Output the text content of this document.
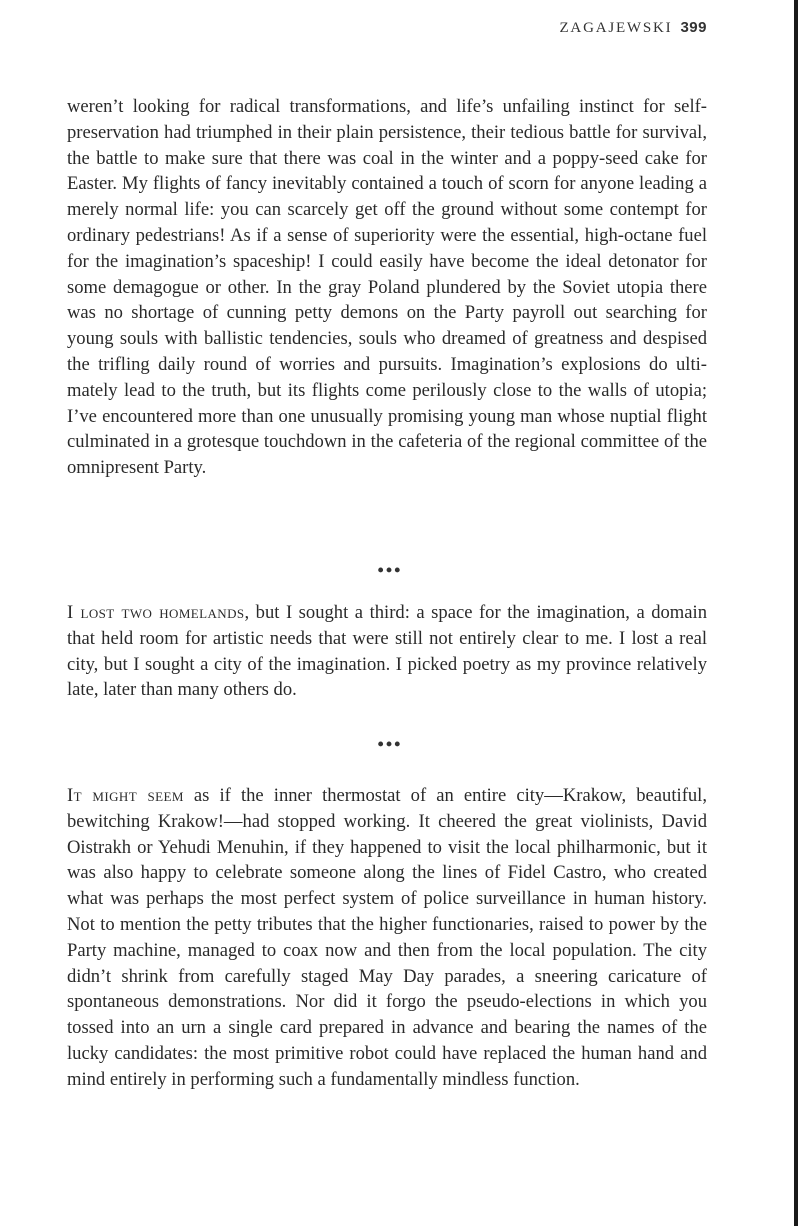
ZAGAJEWSKI 399
weren’t looking for radical transformations, and life’s unfailing instinct for self-preservation had triumphed in their plain persistence, their tedious battle for survival, the battle to make sure that there was coal in the winter and a poppy-seed cake for Easter. My flights of fancy inevitably contained a touch of scorn for anyone leading a merely normal life: you can scarcely get off the ground without some contempt for ordinary pedestrians! As if a sense of superiority were the essential, high-octane fuel for the imagination’s spaceship! I could easily have become the ideal detonator for some demagogue or other. In the gray Poland plundered by the Soviet utopia there was no shortage of cunning petty demons on the Party payroll out searching for young souls with ballistic tendencies, souls who dreamed of greatness and despised the trifling daily round of worries and pursuits. Imagination’s explosions do ultimately lead to the truth, but its flights come perilously close to the walls of utopia; I’ve encountered more than one unusually promising young man whose nuptial flight culminated in a grotesque touchdown in the cafeteria of the regional committee of the omnipresent Party.
•••
I lost two homelands, but I sought a third: a space for the imagination, a domain that held room for artistic needs that were still not entirely clear to me. I lost a real city, but I sought a city of the imagination. I picked poetry as my province relatively late, later than many others do.
•••
It might seem as if the inner thermostat of an entire city—Krakow, beautiful, bewitching Krakow!—had stopped working. It cheered the great violinists, David Oistrakh or Yehudi Menuhin, if they happened to visit the local philharmonic, but it was also happy to celebrate someone along the lines of Fidel Castro, who created what was perhaps the most perfect system of police surveillance in human history. Not to mention the petty tributes that the higher functionaries, raised to power by the Party machine, managed to coax now and then from the local population. The city didn’t shrink from carefully staged May Day parades, a sneering caricature of spontaneous demonstrations. Nor did it forgo the pseudo-elections in which you tossed into an urn a single card prepared in advance and bearing the names of the lucky candidates: the most primitive robot could have replaced the human hand and mind entirely in performing such a fundamentally mindless function.
